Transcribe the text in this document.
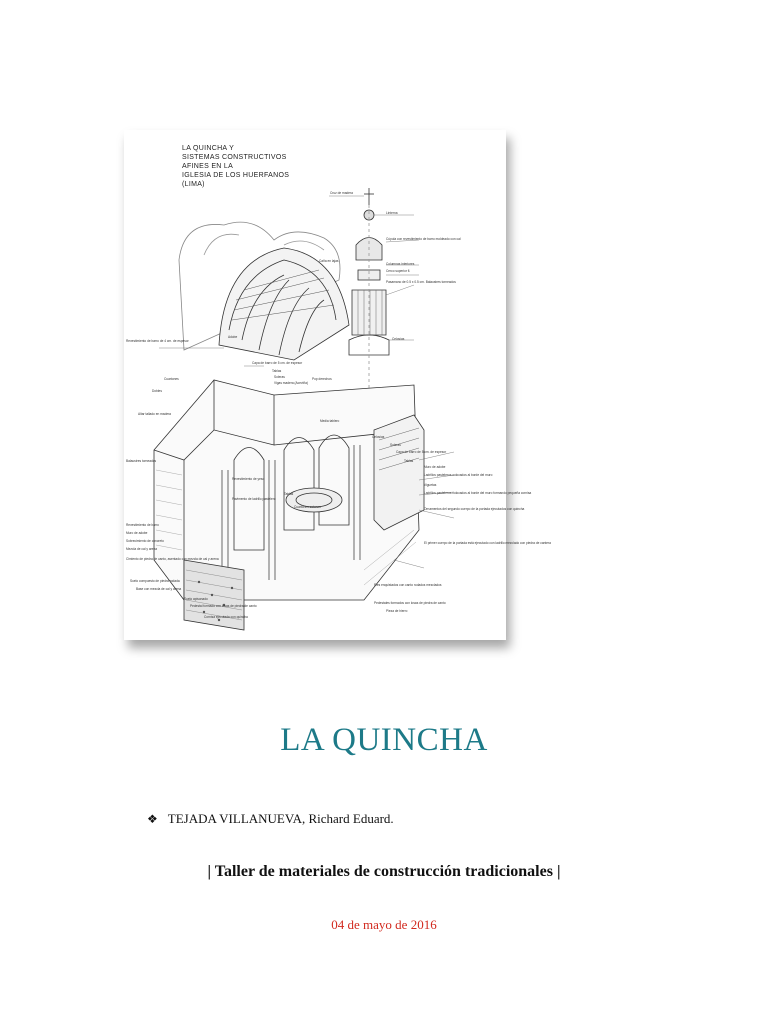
LA QUINCHA Y
SISTEMAS CONSTRUCTIVOS
AFINES EN LA
IGLESIA DE LOS HUERFANOS
(LIMA)
Cruz de madera
Linterna
Cúpula con revestimiento de barro moldeado con cal
Columnas interiores
Cerco superior fl.
Pasamano de 0.5 x 0.5 cm. Balaustres torneados
Celosías
Caña en lajas
Revestimiento de barro de 4 cm. de espesor
Adobe
Capa de barro de 5 cm. de espesor
Tablas
Soleras
Vigas madera (Aceviña)
Pop derechos
Cuartones
Dobles
Altar tallado en madera
Balaustres torneados
Revestimiento de yeso
Pavimento de ladrillo pastelero
Tablas
Cuartones estones
Media tablero
Celosías
Soleras
Capa de barro de 5 cm. de espesor
Tablas
Muro de adobe
Ladrillos pasteleros colocados al borde del muro
Viguetas
Ladrillos pasteleros colocados al borde del muro formando pequeña cornisa
Ornamentos del segundo cuerpo de la portada ejecutados con quincha
El primer cuerpo de la portada está ejecutado con ladrillo mezclado con piedra de cantera
Revestimiento de barro
Muro de adobe
Sobrecimiento de concreto
Mezcla de cal y arena
Cimiento de piedra de canto, asentado con mezcla de cal y arena
Suelo compuesto de piedra rodada
Base con mezcla de cal y arena
Suelo apisonado
Pedestal formado con losas de piedra de canto
Cornisa ejecutada con quincha
Pies enquistados con canto rodados mezclados
Pedestales formados con losas de piedra de canto
Pieza de hierro
LA QUINCHA
❖ TEJADA VILLANUEVA, Richard Eduard.
| Taller de materiales de construcción tradicionales |
04 de mayo de 2016
